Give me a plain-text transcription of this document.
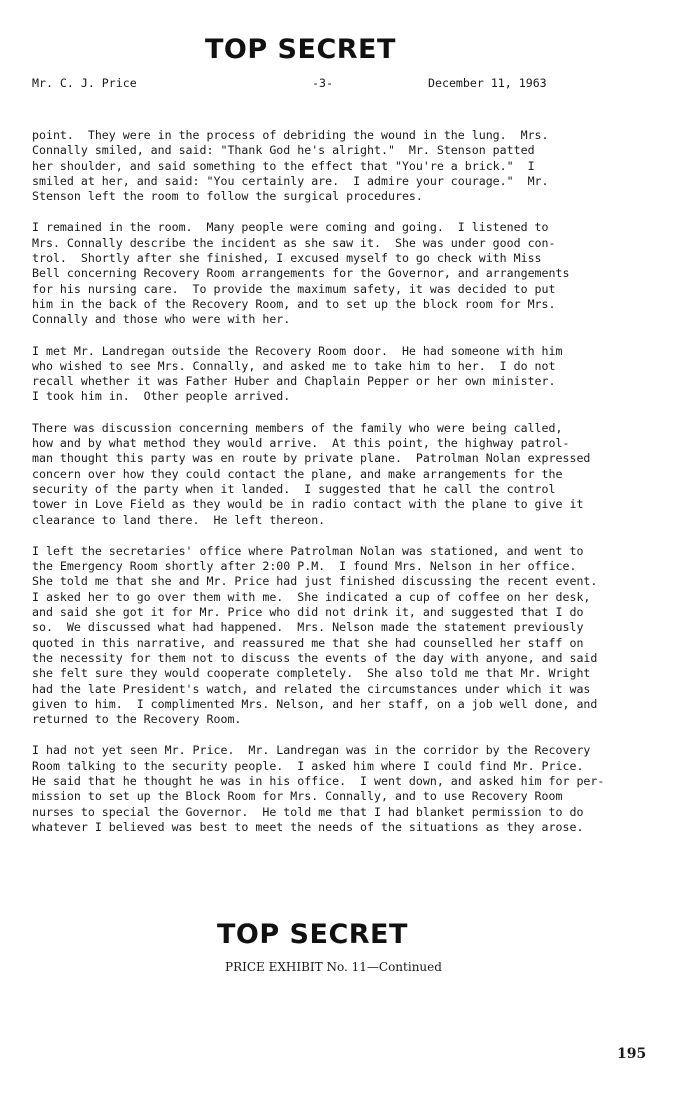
TOP SECRET
Mr. C. J. Price	-3-	December 11, 1963
point.  They were in the process of debriding the wound in the lung.  Mrs.
Connally smiled, and said: "Thank God he's alright."  Mr. Stenson patted
her shoulder, and said something to the effect that "You're a brick."  I
smiled at her, and said: "You certainly are.  I admire your courage."  Mr.
Stenson left the room to follow the surgical procedures.
I remained in the room.  Many people were coming and going.  I listened to
Mrs. Connally describe the incident as she saw it.  She was under good con-
trol.  Shortly after she finished, I excused myself to go check with Miss
Bell concerning Recovery Room arrangements for the Governor, and arrangements
for his nursing care.  To provide the maximum safety, it was decided to put
him in the back of the Recovery Room, and to set up the block room for Mrs.
Connally and those who were with her.
I met Mr. Landregan outside the Recovery Room door.  He had someone with him
who wished to see Mrs. Connally, and asked me to take him to her.  I do not
recall whether it was Father Huber and Chaplain Pepper or her own minister.
I took him in.  Other people arrived.
There was discussion concerning members of the family who were being called,
how and by what method they would arrive.  At this point, the highway patrol-
man thought this party was en route by private plane.  Patrolman Nolan expressed
concern over how they could contact the plane, and make arrangements for the
security of the party when it landed.  I suggested that he call the control
tower in Love Field as they would be in radio contact with the plane to give it
clearance to land there.  He left thereon.
I left the secretaries' office where Patrolman Nolan was stationed, and went to
the Emergency Room shortly after 2:00 P.M.  I found Mrs. Nelson in her office.
She told me that she and Mr. Price had just finished discussing the recent event.
I asked her to go over them with me.  She indicated a cup of coffee on her desk,
and said she got it for Mr. Price who did not drink it, and suggested that I do
so.  We discussed what had happened.  Mrs. Nelson made the statement previously
quoted in this narrative, and reassured me that she had counselled her staff on
the necessity for them not to discuss the events of the day with anyone, and said
she felt sure they would cooperate completely.  She also told me that Mr. Wright
had the late President's watch, and related the circumstances under which it was
given to him.  I complimented Mrs. Nelson, and her staff, on a job well done, and
returned to the Recovery Room.
I had not yet seen Mr. Price.  Mr. Landregan was in the corridor by the Recovery
Room talking to the security people.  I asked him where I could find Mr. Price.
He said that he thought he was in his office.  I went down, and asked him for per-
mission to set up the Block Room for Mrs. Connally, and to use Recovery Room
nurses to special the Governor.  He told me that I had blanket permission to do
whatever I believed was best to meet the needs of the situations as they arose.
TOP SECRET
PRICE EXHIBIT No. 11—Continued
195
